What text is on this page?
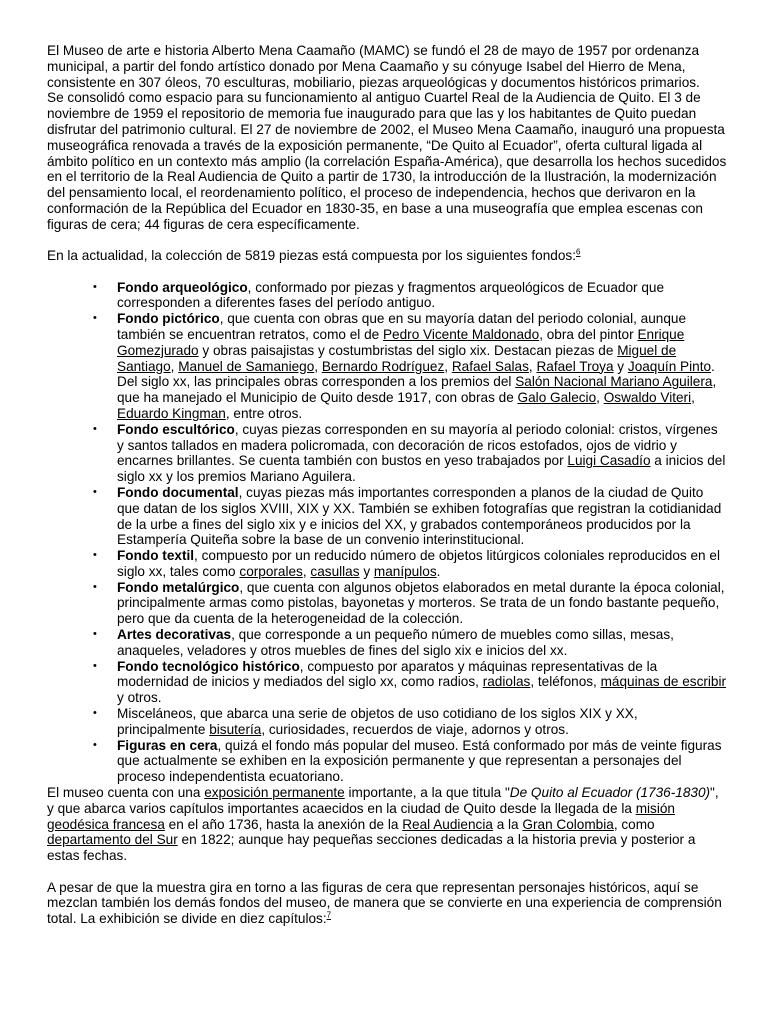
El Museo de arte e historia Alberto Mena Caamaño (MAMC) se fundó el 28 de mayo de 1957 por ordenanza municipal, a partir del fondo artístico donado por Mena Caamaño y su cónyuge Isabel del Hierro de Mena, consistente en 307 óleos, 70 esculturas, mobiliario, piezas arqueológicas y documentos históricos primarios.

Se consolidó como espacio para su funcionamiento al antiguo Cuartel Real de la Audiencia de Quito. El 3 de noviembre de 1959 el repositorio de memoria fue inaugurado para que las y los habitantes de Quito puedan disfrutar del patrimonio cultural. El 27 de noviembre de 2002, el Museo Mena Caamaño, inauguró una propuesta museográfica renovada a través de la exposición permanente, “De Quito al Ecuador”, oferta cultural ligada al ámbito político en un contexto más amplio (la correlación España-América), que desarrolla los hechos sucedidos en el territorio de la Real Audiencia de Quito a partir de 1730, la introducción de la Ilustración, la modernización del pensamiento local, el reordenamiento político, el proceso de independencia, hechos que derivaron en la conformación de la República del Ecuador en 1830-35, en base a una museografía que emplea escenas con figuras de cera; 44 figuras de cera específicamente.

En la actualidad, la colección de 5819 piezas está compuesta por los siguientes fondos:$^6$

• Fondo arqueológico, conformado por piezas y fragmentos arqueológicos de Ecuador que corresponden a diferentes fases del período antiguo.
• Fondo pictórico, que cuenta con obras que en su mayoría datan del periodo colonial, aunque también se encuentran retratos, como el de Pedro Vicente Maldonado, obra del pintor Enrique Gomezjurado y obras paisajistas y costumbristas del siglo xix. Destacan piezas de Miguel de Santiago, Manuel de Samaniego, Bernardo Rodríguez, Rafael Salas, Rafael Troya y Joaquín Pinto. Del siglo xx, las principales obras corresponden a los premios del Salón Nacional Mariano Aguilera, que ha manejado el Municipio de Quito desde 1917, con obras de Galo Galecio, Oswaldo Viteri, Eduardo Kingman, entre otros.
• Fondo escultórico, cuyas piezas corresponden en su mayoría al periodo colonial: cristos, vírgenes y santos tallados en madera policromada, con decoración de ricos estofados, ojos de vidrio y encarnes brillantes. Se cuenta también con bustos en yeso trabajados por Luigi Casadío a inicios del siglo xx y los premios Mariano Aguilera.
• Fondo documental, cuyas piezas más importantes corresponden a planos de la ciudad de Quito que datan de los siglos XVIII, XIX y XX. También se exhiben fotografías que registran la cotidianidad de la urbe a fines del siglo xix y e inicios del XX, y grabados contemporáneos producidos por la Estampería Quiteña sobre la base de un convenio interinstitucional.
• Fondo textil, compuesto por un reducido número de objetos litúrgicos coloniales reproducidos en el siglo xx, tales como corporales, casullas y manípulos.
• Fondo metalúrgico, que cuenta con algunos objetos elaborados en metal durante la época colonial, principalmente armas como pistolas, bayonetas y morteros. Se trata de un fondo bastante pequeño, pero que da cuenta de la heterogeneidad de la colección.
• Artes decorativas, que corresponde a un pequeño número de muebles como sillas, mesas, anaqueles, veladores y otros muebles de fines del siglo xix e inicios del xx.
• Fondo tecnológico histórico, compuesto por aparatos y máquinas representativas de la modernidad de inicios y mediados del siglo xx, como radios, radiolas, teléfonos, máquinas de escribir y otros.
• Misceláneos, que abarca una serie de objetos de uso cotidiano de los siglos XIX y XX, principalmente bisutería, curiosidades, recuerdos de viaje, adornos y otros.
• Figuras en cera, quizá el fondo más popular del museo. Está conformado por más de veinte figuras que actualmente se exhiben en la exposición permanente y que representan a personajes del proceso independentista ecuatoriano.

El museo cuenta con una exposición permanente importante, a la que titula "De Quito al Ecuador (1736-1830)", y que abarca varios capítulos importantes acaecidos en la ciudad de Quito desde la llegada de la misión geodésica francesa en el año 1736, hasta la anexión de la Real Audiencia a la Gran Colombia, como departamento del Sur en 1822; aunque hay pequeñas secciones dedicadas a la historia previa y posterior a estas fechas.

A pesar de que la muestra gira en torno a las figuras de cera que representan personajes históricos, aquí se mezclan también los demás fondos del museo, de manera que se convierte en una experiencia de comprensión total. La exhibición se divide en diez capítulos:$^7$
